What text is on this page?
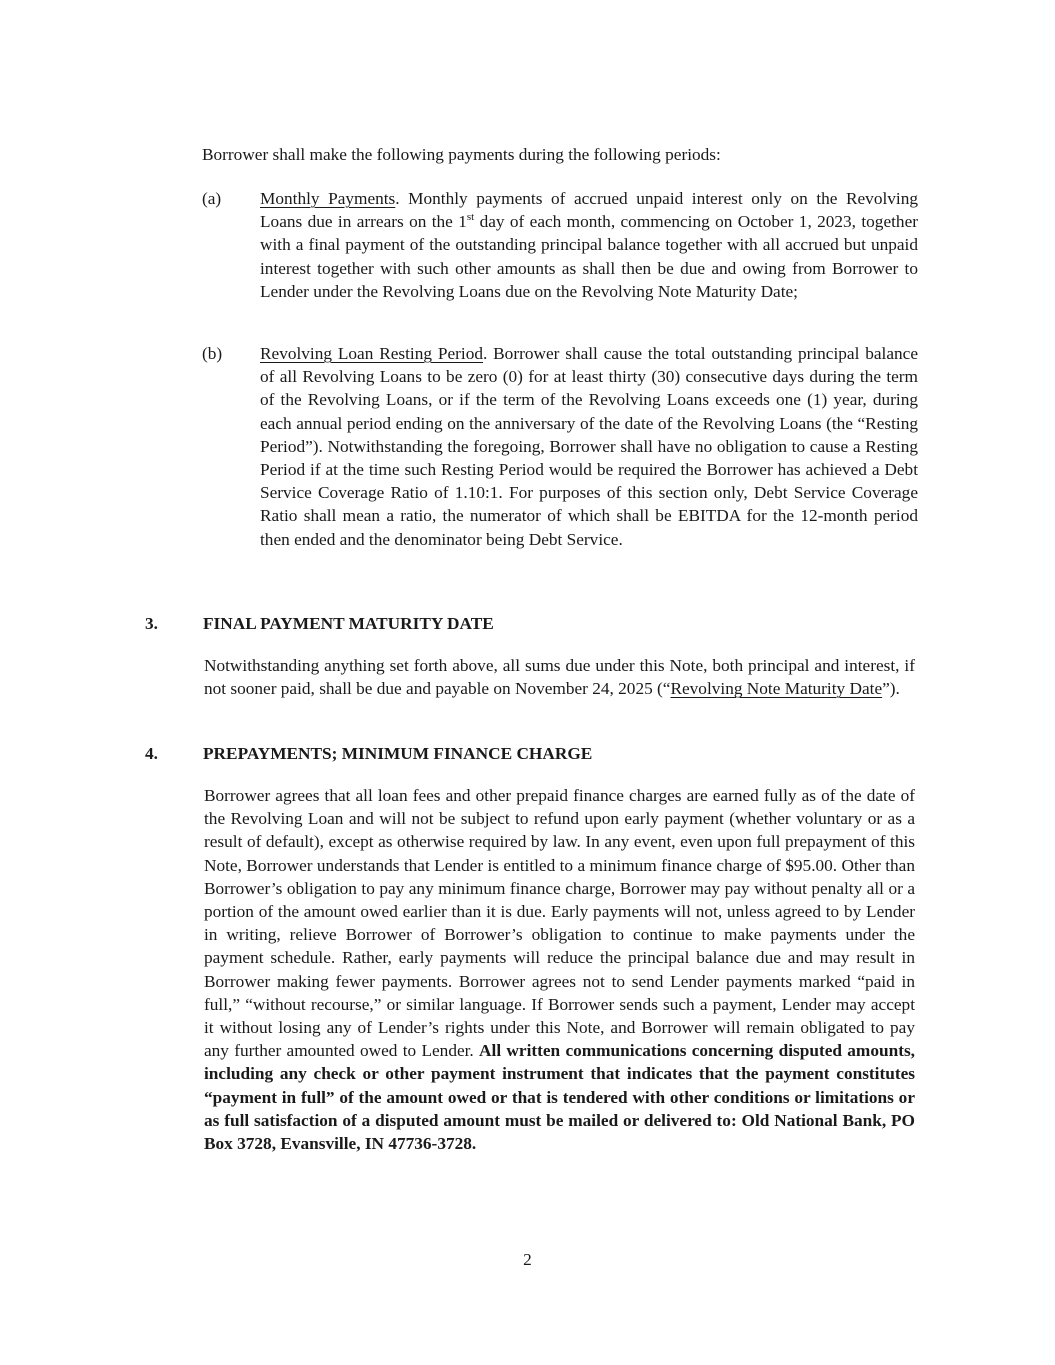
Borrower shall make the following payments during the following periods:
(a) Monthly Payments. Monthly payments of accrued unpaid interest only on the Revolving Loans due in arrears on the 1st day of each month, commencing on October 1, 2023, together with a final payment of the outstanding principal balance together with all accrued but unpaid interest together with such other amounts as shall then be due and owing from Borrower to Lender under the Revolving Loans due on the Revolving Note Maturity Date;
(b) Revolving Loan Resting Period. Borrower shall cause the total outstanding principal balance of all Revolving Loans to be zero (0) for at least thirty (30) consecutive days during the term of the Revolving Loans, or if the term of the Revolving Loans exceeds one (1) year, during each annual period ending on the anniversary of the date of the Revolving Loans (the “Resting Period”). Notwithstanding the foregoing, Borrower shall have no obligation to cause a Resting Period if at the time such Resting Period would be required the Borrower has achieved a Debt Service Coverage Ratio of 1.10:1. For purposes of this section only, Debt Service Coverage Ratio shall mean a ratio, the numerator of which shall be EBITDA for the 12-month period then ended and the denominator being Debt Service.
3.	FINAL PAYMENT MATURITY DATE
Notwithstanding anything set forth above, all sums due under this Note, both principal and interest, if not sooner paid, shall be due and payable on November 24, 2025 (“Revolving Note Maturity Date”).
4.	PREPAYMENTS; MINIMUM FINANCE CHARGE
Borrower agrees that all loan fees and other prepaid finance charges are earned fully as of the date of the Revolving Loan and will not be subject to refund upon early payment (whether voluntary or as a result of default), except as otherwise required by law. In any event, even upon full prepayment of this Note, Borrower understands that Lender is entitled to a minimum finance charge of $95.00. Other than Borrower’s obligation to pay any minimum finance charge, Borrower may pay without penalty all or a portion of the amount owed earlier than it is due. Early payments will not, unless agreed to by Lender in writing, relieve Borrower of Borrower’s obligation to continue to make payments under the payment schedule. Rather, early payments will reduce the principal balance due and may result in Borrower making fewer payments. Borrower agrees not to send Lender payments marked “paid in full,” “without recourse,” or similar language. If Borrower sends such a payment, Lender may accept it without losing any of Lender’s rights under this Note, and Borrower will remain obligated to pay any further amounted owed to Lender. All written communications concerning disputed amounts, including any check or other payment instrument that indicates that the payment constitutes “payment in full” of the amount owed or that is tendered with other conditions or limitations or as full satisfaction of a disputed amount must be mailed or delivered to: Old National Bank, PO Box 3728, Evansville, IN 47736-3728.
2
